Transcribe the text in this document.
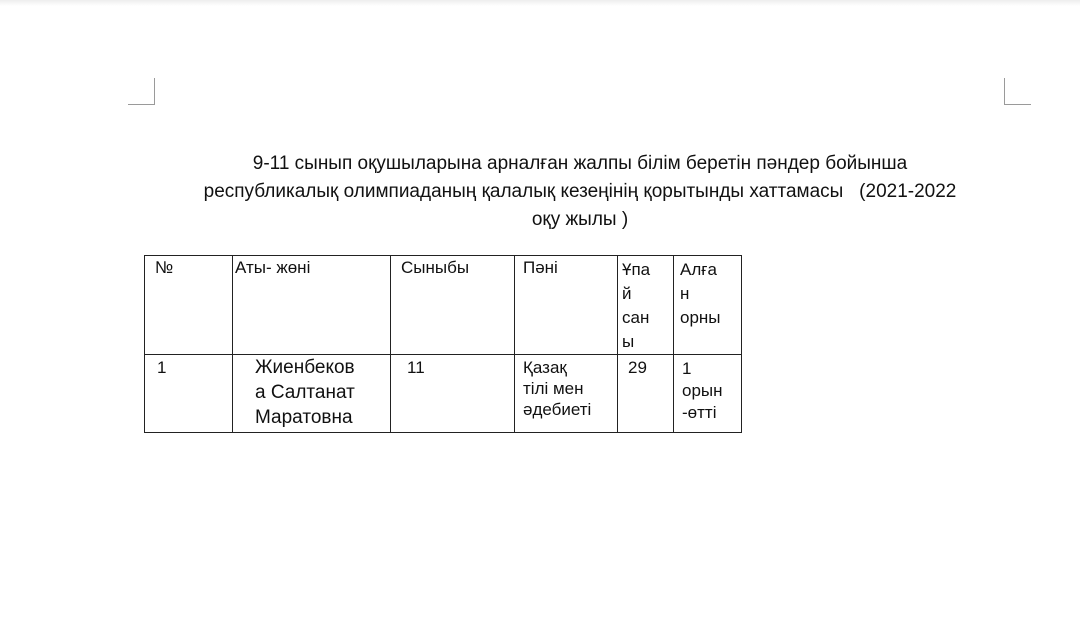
9-11 сынып оқушыларына арналған жалпы білім беретін пәндер бойынша
республикалық олимпиаданың қалалық кезеңінің қорытынды хаттамасы   (2021-2022
оқу жылы )
№	Аты- жөні	Сыныбы	Пәні	Ұпа
й
сан
ы	Алға
н
орны

1	Жиенбеков
а Салтанат
Маратовна	11	Қазақ
тілі мен
әдебиеті	29	1
орын
-өтті
